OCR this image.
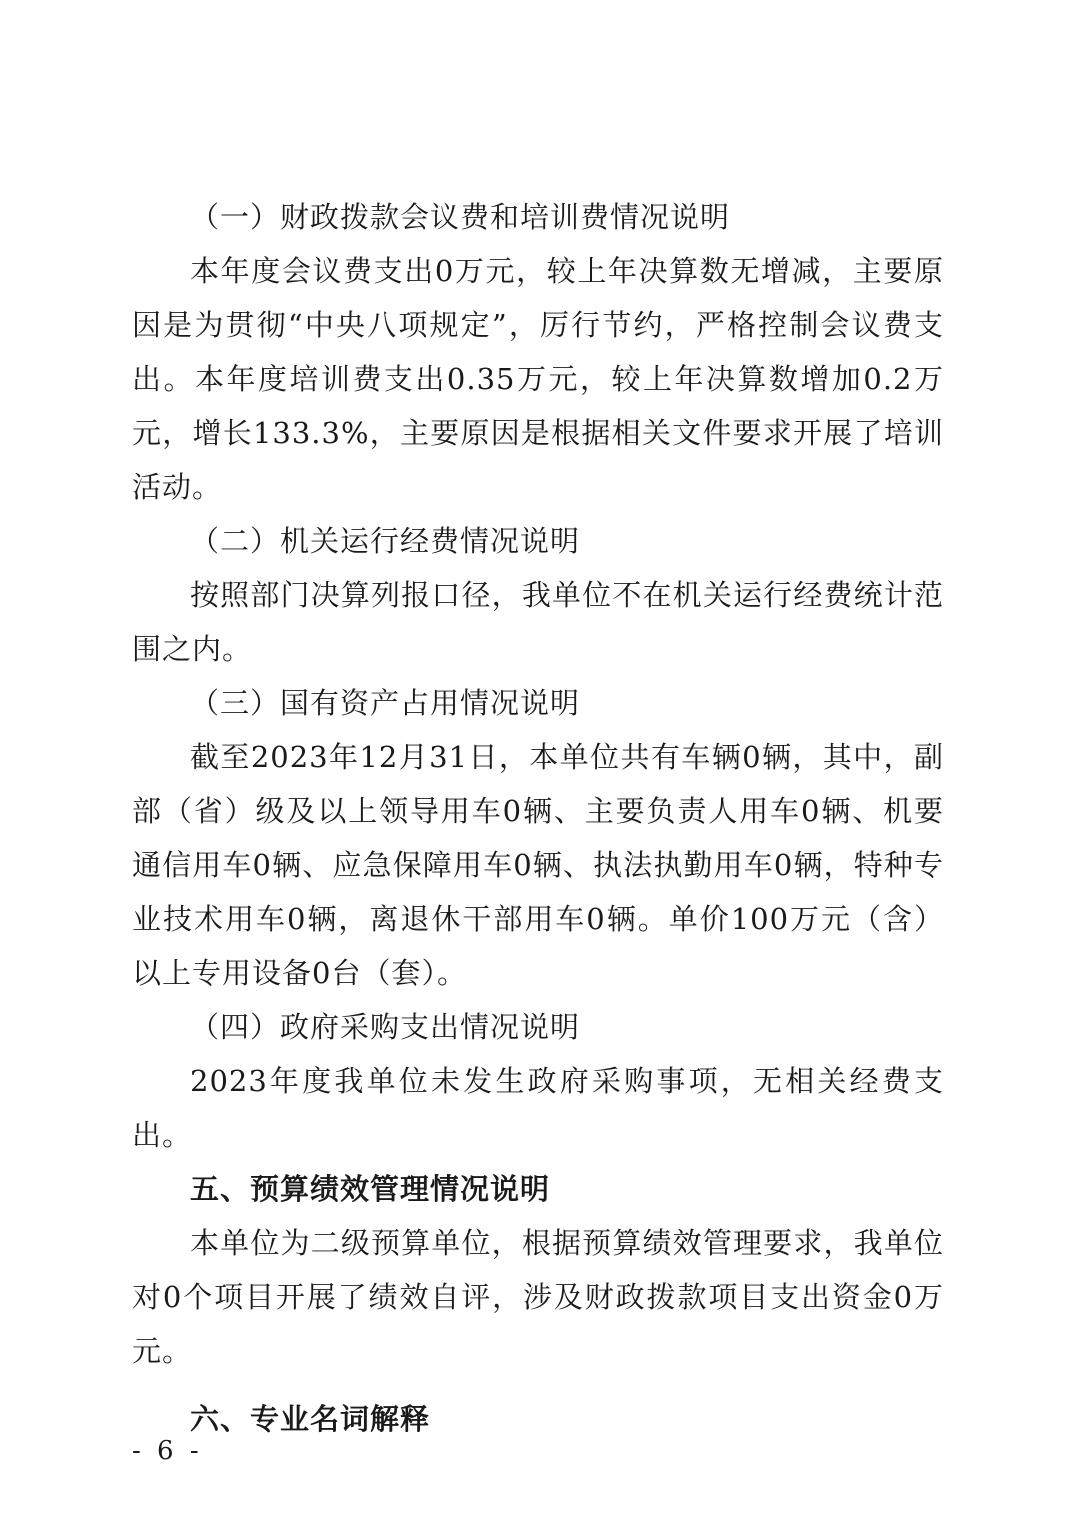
（一）财政拨款会议费和培训费情况说明

本年度会议费支出0万元，较上年决算数无增减，主要原因是为贯彻“中央八项规定”，厉行节约，严格控制会议费支出。本年度培训费支出0.35万元，较上年决算数增加0.2万元，增长133.3%，主要原因是根据相关文件要求开展了培训活动。

（二）机关运行经费情况说明

按照部门决算列报口径，我单位不在机关运行经费统计范围之内。

（三）国有资产占用情况说明

截至2023年12月31日，本单位共有车辆0辆，其中，副部（省）级及以上领导用车0辆、主要负责人用车0辆、机要通信用车0辆、应急保障用车0辆、执法执勤用车0辆，特种专业技术用车0辆，离退休干部用车0辆。单价100万元（含）以上专用设备0台（套）。

（四）政府采购支出情况说明

2023年度我单位未发生政府采购事项，无相关经费支出。

五、预算绩效管理情况说明

本单位为二级预算单位，根据预算绩效管理要求，我单位对0个项目开展了绩效自评，涉及财政拨款项目支出资金0万元。

六、专业名词解释

- 6 -
